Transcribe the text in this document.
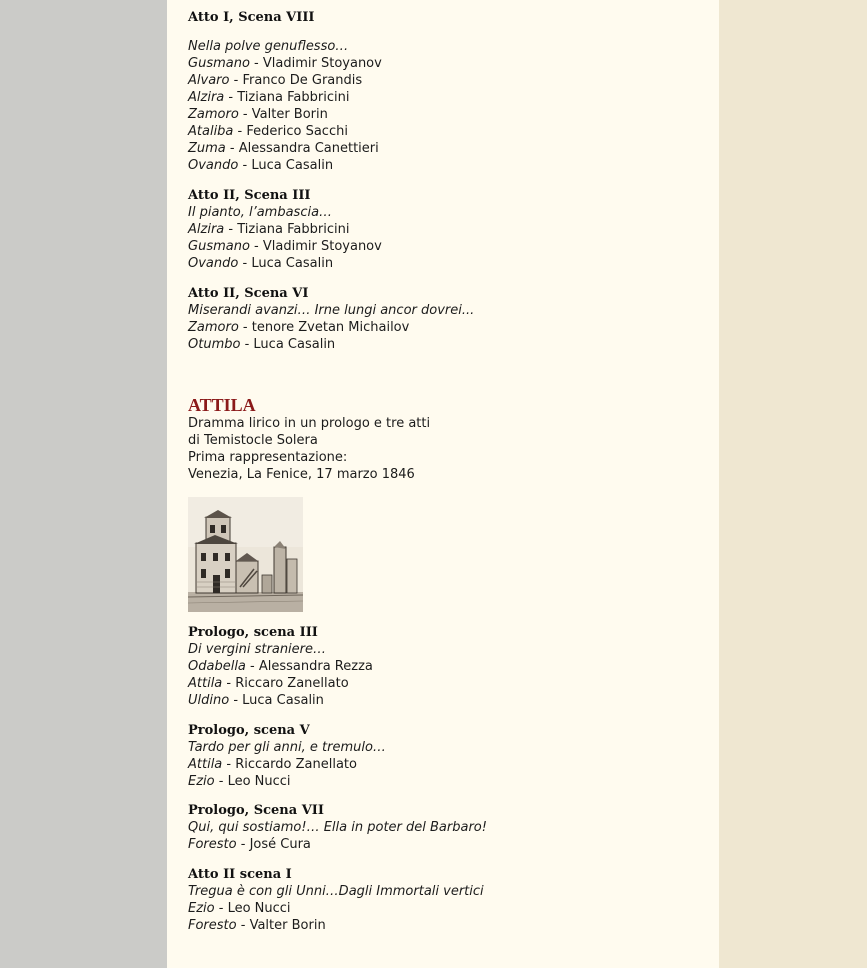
Atto I, Scena VIII
Nella polve genuflesso…
Gusmano - Vladimir Stoyanov
Alvaro - Franco De Grandis
Alzira - Tiziana Fabbricini
Zamoro - Valter Borin
Ataliba - Federico Sacchi
Zuma - Alessandra Canettieri
Ovando - Luca Casalin
Atto II, Scena III
Il pianto, l’ambascia…
Alzira - Tiziana Fabbricini
Gusmano - Vladimir Stoyanov
Ovando - Luca Casalin
Atto II, Scena VI
Miserandi avanzi… Irne lungi ancor dovrei...
Zamoro - tenore Zvetan Michailov
Otumbo - Luca Casalin
ATTILA
Dramma lirico in un prologo e tre atti
di Temistocle Solera
Prima rappresentazione:
Venezia, La Fenice, 17 marzo 1846
Prologo, scena III
Di vergini straniere…
Odabella - Alessandra Rezza
Attila - Riccaro Zanellato
Uldino - Luca Casalin
Prologo, scena V
Tardo per gli anni, e tremulo…
Attila - Riccardo Zanellato
Ezio - Leo Nucci
Prologo, Scena VII
Qui, qui sostiamo!… Ella in poter del Barbaro!
Foresto - José Cura
Atto II scena I
Tregua è con gli Unni…Dagli Immortali vertici
Ezio - Leo Nucci
Foresto - Valter Borin
